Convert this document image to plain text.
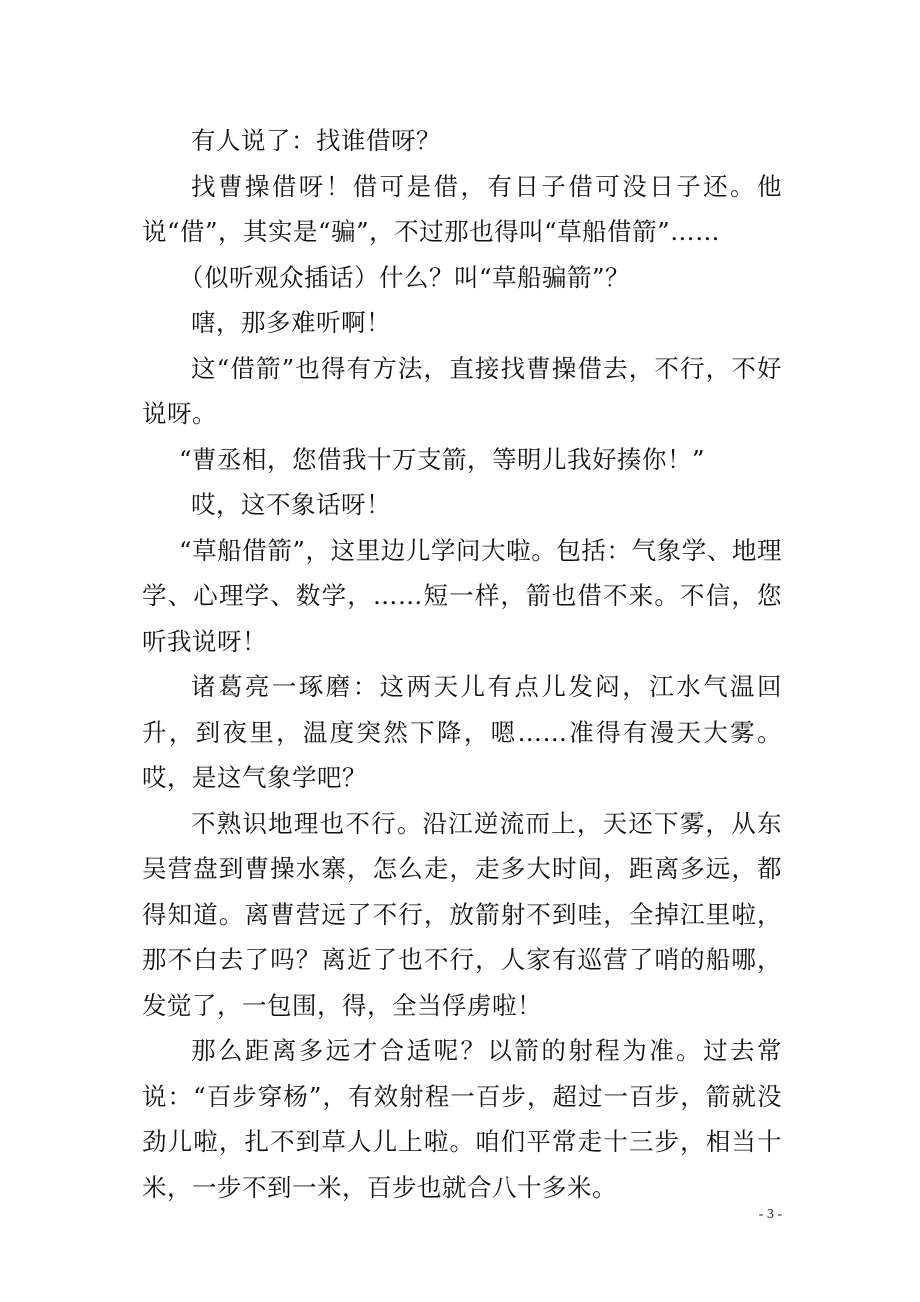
有人说了：找谁借呀？

找曹操借呀！借可是借，有日子借可没日子还。他说“借”，其实是“骗”，不过那也得叫“草船借箭”……

（似听观众插话）什么？叫“草船骗箭”？

嗐，那多难听啊！

这“借箭”也得有方法，直接找曹操借去，不行，不好说呀。

“曹丞相，您借我十万支箭，等明儿我好揍你！”

哎，这不象话呀！

“草船借箭”，这里边儿学问大啦。包括：气象学、地理学、心理学、数学，……短一样，箭也借不来。不信，您听我说呀！

诸葛亮一琢磨：这两天儿有点儿发闷，江水气温回升，到夜里，温度突然下降，嗯……准得有漫天大雾。哎，是这气象学吧？

不熟识地理也不行。沿江逆流而上，天还下雾，从东吴营盘到曹操水寨，怎么走，走多大时间，距离多远，都得知道。离曹营远了不行，放箭射不到哇，全掉江里啦，那不白去了吗？离近了也不行，人家有巡营了哨的船哪，发觉了，一包围，得，全当俘虏啦！

那么距离多远才合适呢？以箭的射程为准。过去常说：“百步穿杨”，有效射程一百步，超过一百步，箭就没劲儿啦，扎不到草人儿上啦。咱们平常走十三步，相当十米，一步不到一米，百步也就合八十多米。

- 3 -
